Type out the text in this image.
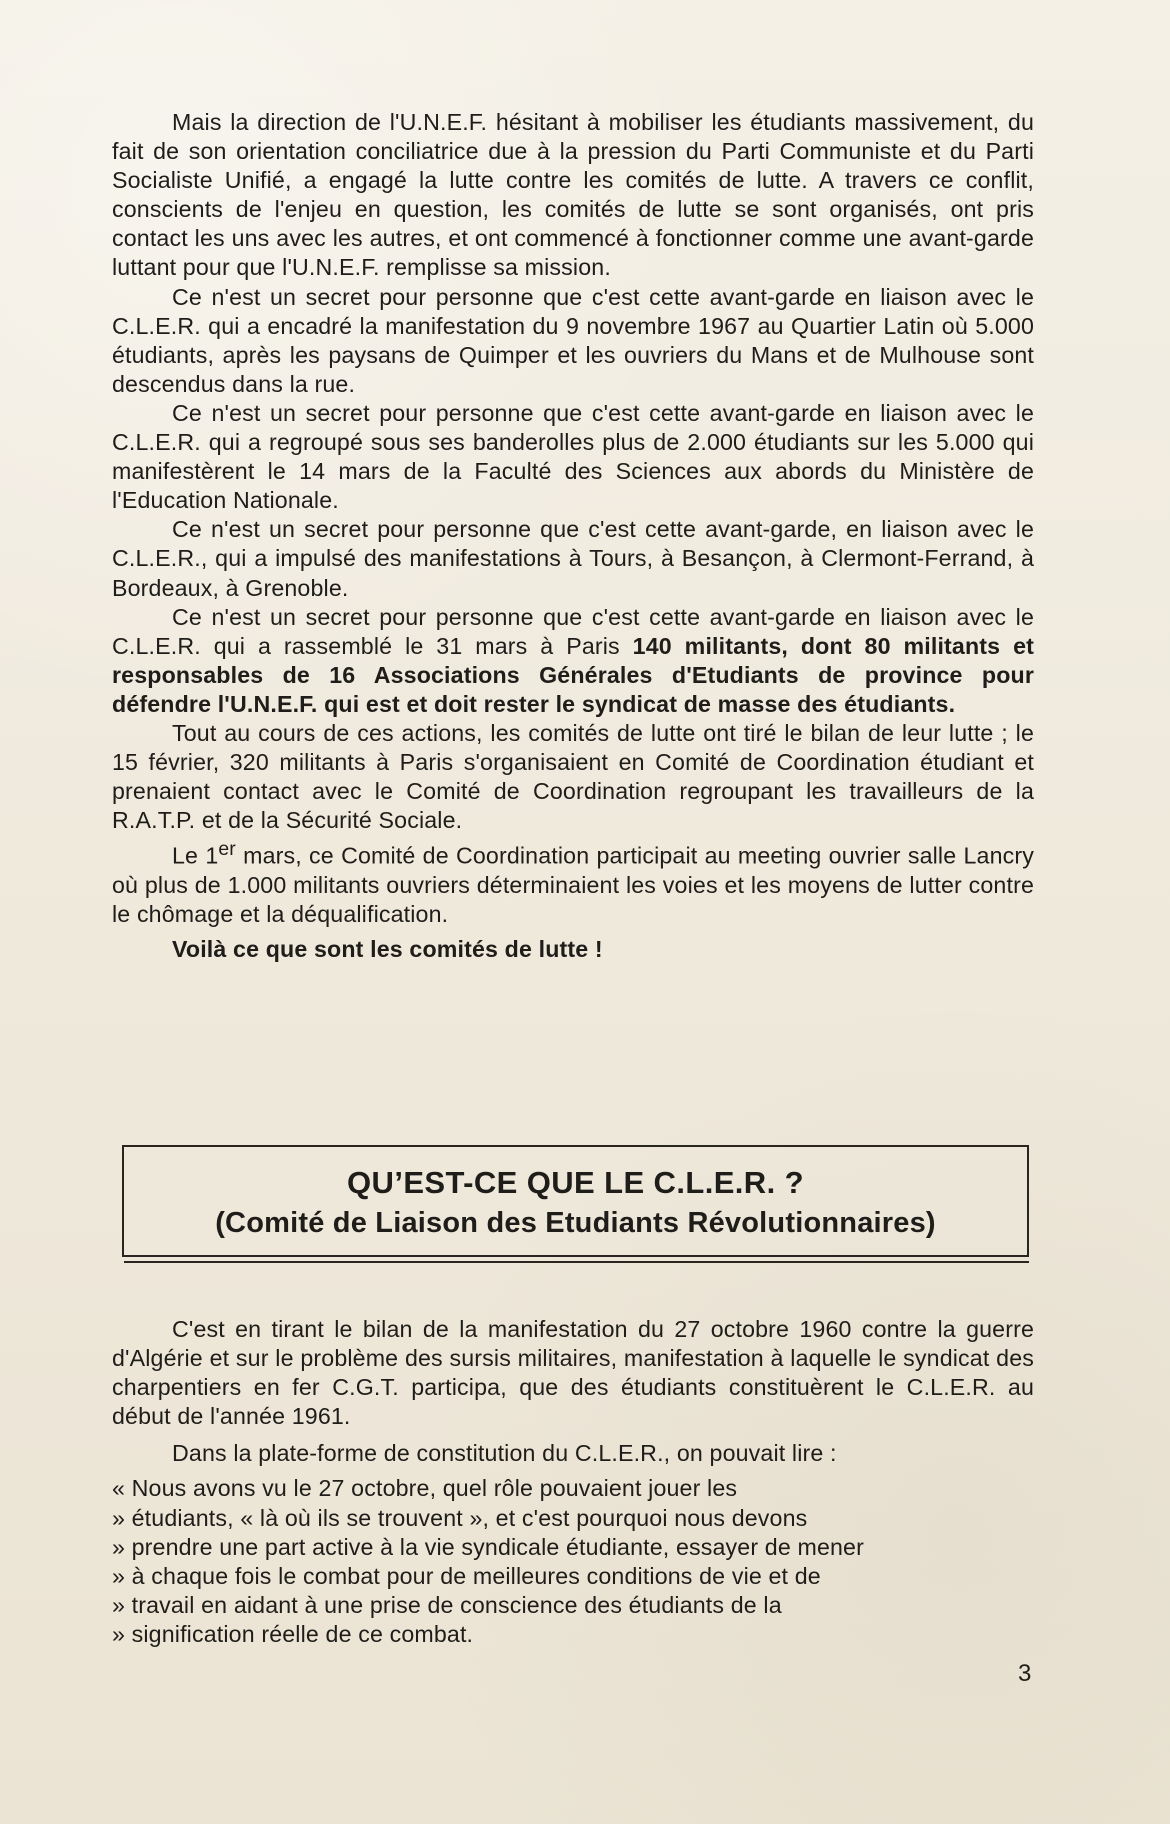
Mais la direction de l'U.N.E.F. hésitant à mobiliser les étudiants massivement, du fait de son orientation conciliatrice due à la pression du Parti Communiste et du Parti Socialiste Unifié, a engagé la lutte contre les comités de lutte. A travers ce conflit, conscients de l'enjeu en question, les comités de lutte se sont organisés, ont pris contact les uns avec les autres, et ont commencé à fonctionner comme une avant-garde luttant pour que l'U.N.E.F. remplisse sa mission.

Ce n'est un secret pour personne que c'est cette avant-garde en liaison avec le C.L.E.R. qui a encadré la manifestation du 9 novembre 1967 au Quartier Latin où 5.000 étudiants, après les paysans de Quimper et les ouvriers du Mans et de Mulhouse sont descendus dans la rue.

Ce n'est un secret pour personne que c'est cette avant-garde en liaison avec le C.L.E.R. qui a regroupé sous ses banderolles plus de 2.000 étudiants sur les 5.000 qui manifestèrent le 14 mars de la Faculté des Sciences aux abords du Ministère de l'Education Nationale.

Ce n'est un secret pour personne que c'est cette avant-garde, en liaison avec le C.L.E.R., qui a impulsé des manifestations à Tours, à Besançon, à Clermont-Ferrand, à Bordeaux, à Grenoble.

Ce n'est un secret pour personne que c'est cette avant-garde en liaison avec le C.L.E.R. qui a rassemblé le 31 mars à Paris 140 militants, dont 80 militants et responsables de 16 Associations Générales d'Etudiants de province pour défendre l'U.N.E.F. qui est et doit rester le syndicat de masse des étudiants.

Tout au cours de ces actions, les comités de lutte ont tiré le bilan de leur lutte ; le 15 février, 320 militants à Paris s'organisaient en Comité de Coordination étudiant et prenaient contact avec le Comité de Coordination regroupant les travailleurs de la R.A.T.P. et de la Sécurité Sociale.

Le 1er mars, ce Comité de Coordination participait au meeting ouvrier salle Lancry où plus de 1.000 militants ouvriers déterminaient les voies et les moyens de lutter contre le chômage et la déqualification.

Voilà ce que sont les comités de lutte !

QU’EST-CE QUE LE C.L.E.R. ?
(Comité de Liaison des Etudiants Révolutionnaires)

C'est en tirant le bilan de la manifestation du 27 octobre 1960 contre la guerre d'Algérie et sur le problème des sursis militaires, manifestation à laquelle le syndicat des charpentiers en fer C.G.T. participa, que des étudiants constituèrent le C.L.E.R. au début de l'année 1961.

Dans la plate-forme de constitution du C.L.E.R., on pouvait lire :

« Nous avons vu le 27 octobre, quel rôle pouvaient jouer les

» étudiants, « là où ils se trouvent », et c'est pourquoi nous devons

» prendre une part active à la vie syndicale étudiante, essayer de mener

» à chaque fois le combat pour de meilleures conditions de vie et de

» travail en aidant à une prise de conscience des étudiants de la

» signification réelle de ce combat.

3
